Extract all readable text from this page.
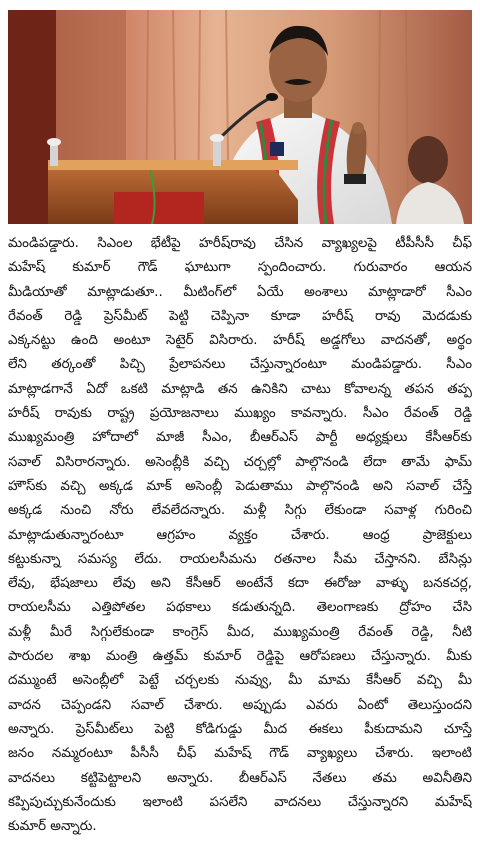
మండిపడ్డారు. సిఎంల భేటీపై హరీష్‌రావు చేసిన వ్యాఖ్యలపై టీపీసీసీ చీఫ్
మహేష్ కుమార్ గౌడ్ ఘాటుగా స్పందించారు. గురువారం ఆయన
మీడియాతో మాట్లాడుతూ.. మీటింగ్‌లో ఏయే అంశాలు మాట్లాడారో సీఎం
రేవంత్ రెడ్డి ప్రెస్‌మీట్ పెట్టి చెప్పినా కూడా హరీష్ రావు మెదడుకు
ఎక్కనట్టు ఉంది అంటూ సెటైర్ విసిరారు. హరీష్ అడ్డగోలు వాదనతో, అర్థం
లేని తర్కంతో పిచ్చి ప్రేలాపనలు చేస్తున్నారంటూ మండిపడ్డారు. సీఎం
మాట్లాడగానే ఏదో ఒకటి మాట్లాడి తన ఉనికిని చాటు కోవాలన్న తపన తప్ప
హరీష్ రావుకు రాష్ట్ర ప్రయోజనాలు ముఖ్యం కావన్నారు. సీఎం రేవంత్ రెడ్డి
ముఖ్యమంత్రి హోదాలో మాజీ సీఎం, బీఆర్ఎస్ పార్టీ అధ్యక్షులు కేసీఆర్‌కు
సవాల్ విసిరారన్నారు. అసెంబ్లీకి వచ్చి చర్చల్లో పాల్గొనండి లేదా తామే ఫామ్
హౌస్‌కు వచ్చి అక్కడ మాక్ అసెంబ్లీ పెడుతాము పాల్గొనండి అని సవాల్ చేస్తే
అక్కడ నుంచి నోరు లేవలేదన్నారు. మళ్లీ సిగ్గు లేకుండా సవాళ్ల గురించి
మాట్లాడుతున్నారంటూ ఆగ్రహం వ్యక్తం చేశారు. ఆంధ్ర ప్రాజెక్టులు
కట్టుకున్నా సమస్య లేదు. రాయలసీమను రతనాల సీమ చేస్తానని. బేసిన్లు
లేవు, భేషజాలు లేవు అని కేసీఆర్ అంటేనే కదా ఈరోజు వాళ్ళు బనకచర్ల,
రాయలసీమ ఎత్తిపోతల పథకాలు కడుతున్నది. తెలంగాణకు ద్రోహం చేసి
మళ్లీ మీరే సిగ్గులేకుండా కాంగ్రెస్ మీద, ముఖ్యమంత్రి రేవంత్ రెడ్డి, నీటి
పారుదల శాఖ మంత్రి ఉత్తమ్ కుమార్ రెడ్డిపై ఆరోపణలు చేస్తున్నారు. మీకు
దమ్ముంటే అసెంబ్లీలో పెట్టే చర్చలకు నువ్వు, మీ మామ కేసీఆర్ వచ్చి మీ
వాదన చెప్పండని సవాల్ చేశారు. అప్పుడు ఎవరు ఏంటో తెలుస్తుందని
అన్నారు. ప్రెస్‌మీట్‌లు పెట్టి కోడిగుడ్డు మీద ఈకలు పీకుదామని చూస్తే
జనం నమ్మరంటూ పీసీసీ చీఫ్ మహేష్ గౌడ్ వ్యాఖ్యలు చేశారు. ఇలాంటి
వాదనలు కట్టిపెట్టాలని అన్నారు. బీఆర్ఎస్ నేతలు తమ అవినీతిని
కప్పిపుచ్చుకునేందుకు ఇలాంటి పసలేని వాదనలు చేస్తున్నారని మహేష్
కుమార్ అన్నారు.
